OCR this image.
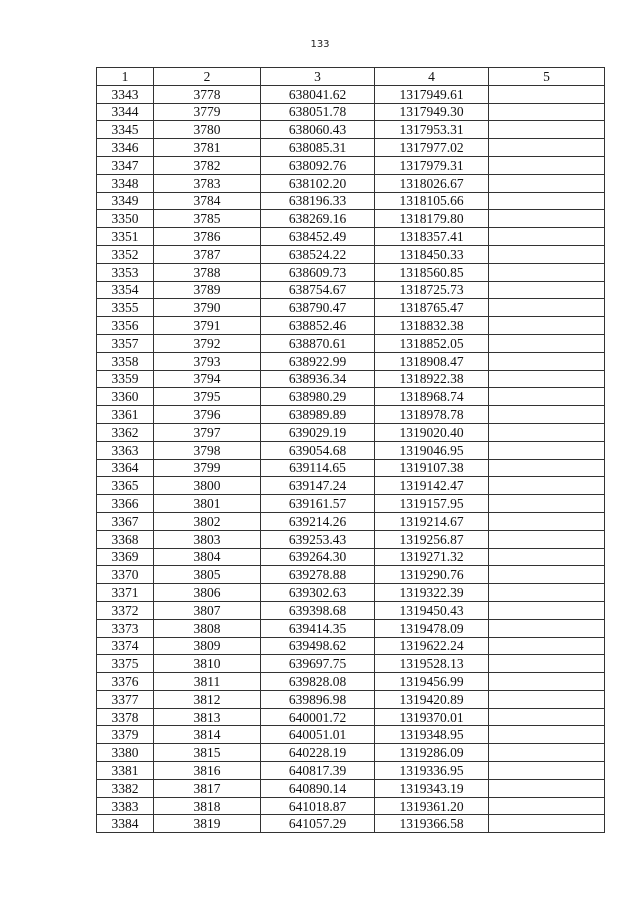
133
1	2	3	4	5
3343	3778	638041.62	1317949.61	
3344	3779	638051.78	1317949.30	
3345	3780	638060.43	1317953.31	
3346	3781	638085.31	1317977.02	
3347	3782	638092.76	1317979.31	
3348	3783	638102.20	1318026.67	
3349	3784	638196.33	1318105.66	
3350	3785	638269.16	1318179.80	
3351	3786	638452.49	1318357.41	
3352	3787	638524.22	1318450.33	
3353	3788	638609.73	1318560.85	
3354	3789	638754.67	1318725.73	
3355	3790	638790.47	1318765.47	
3356	3791	638852.46	1318832.38	
3357	3792	638870.61	1318852.05	
3358	3793	638922.99	1318908.47	
3359	3794	638936.34	1318922.38	
3360	3795	638980.29	1318968.74	
3361	3796	638989.89	1318978.78	
3362	3797	639029.19	1319020.40	
3363	3798	639054.68	1319046.95	
3364	3799	639114.65	1319107.38	
3365	3800	639147.24	1319142.47	
3366	3801	639161.57	1319157.95	
3367	3802	639214.26	1319214.67	
3368	3803	639253.43	1319256.87	
3369	3804	639264.30	1319271.32	
3370	3805	639278.88	1319290.76	
3371	3806	639302.63	1319322.39	
3372	3807	639398.68	1319450.43	
3373	3808	639414.35	1319478.09	
3374	3809	639498.62	1319622.24	
3375	3810	639697.75	1319528.13	
3376	3811	639828.08	1319456.99	
3377	3812	639896.98	1319420.89	
3378	3813	640001.72	1319370.01	
3379	3814	640051.01	1319348.95	
3380	3815	640228.19	1319286.09	
3381	3816	640817.39	1319336.95	
3382	3817	640890.14	1319343.19	
3383	3818	641018.87	1319361.20	
3384	3819	641057.29	1319366.58	
